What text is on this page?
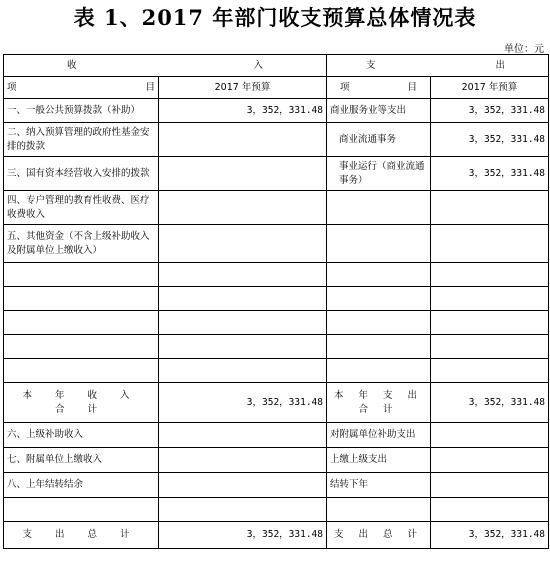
表 1、2017 年部门收支预算总体情况表
单位：元
收 入		支 出	

项 目	2017 年预算	项 目	2017 年预算
一、一般公共预算拨款（补助）	3，352，331.48	商业服务业等支出	3，352，331.48
二、纳入预算管理的政府性基金安排的拨款		商业流通事务	3，352，331.48
三、国有资本经营收入安排的拨款		事业运行（商业流通事务）	3，352，331.48
四、专户管理的教育性收费、医疗收费收入			
五、其他资金（不含上级补助收入及附属单位上缴收入）			

本 年 收 入 合 计	3，352，331.48	本 年 支 出 合 计	3，352，331.48
六、上级补助收入		对附属单位补助支出	
七、附属单位上缴收入		上缴上级支出	
八、上年结转结余		结转下年	

支 出 总 计	3，352，331.48	支 出 总 计	3，352，331.48
